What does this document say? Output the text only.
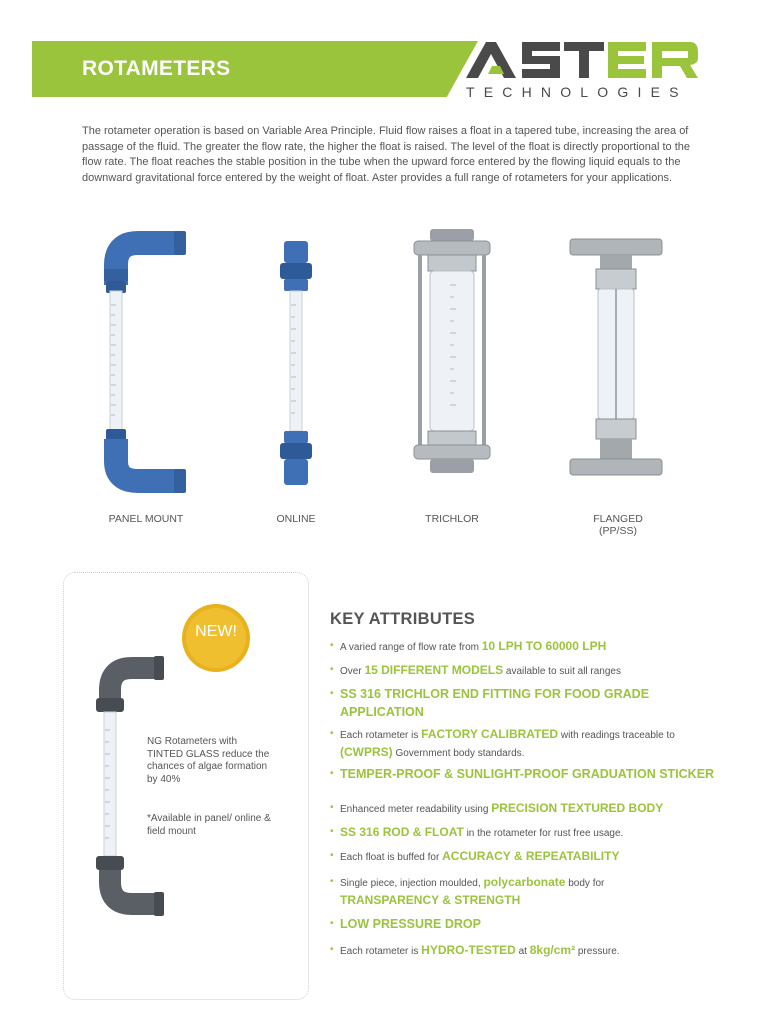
ROTAMETERS
TECHNOLOGIES

The rotameter operation is based on Variable Area Principle. Fluid flow raises a float in a tapered tube, increasing the area of passage of the fluid. The greater the flow rate, the higher the float is raised. The level of the float is directly proportional to the flow rate. The float reaches the stable position in the tube when the upward force entered by the flowing liquid equals to the downward gravitational force entered by the weight of float. Aster provides a full range of rotameters for your applications.

PANEL MOUNT	ONLINE	TRICHLOR	FLANGED
(PP/SS)
NEW!
NG Rotameters with TINTED GLASS reduce the chances of algae formation by 40%
*Available in panel/ online & field mount
KEY ATTRIBUTES
• A varied range of flow rate from 10 LPH TO 60000 LPH
• Over 15 DIFFERENT MODELS available to suit all ranges
• SS 316 TRICHLOR END FITTING FOR FOOD GRADE APPLICATION
• Each rotameter is FACTORY CALIBRATED with readings traceable to (CWPRS) Government body standards.
• TEMPER-PROOF & SUNLIGHT-PROOF GRADUATION STICKER
• Enhanced meter readability using PRECISION TEXTURED BODY
• SS 316 ROD & FLOAT in the rotameter for rust free usage.
• Each float is buffed for ACCURACY & REPEATABILITY
• Single piece, injection moulded, polycarbonate body for
TRANSPARENCY & STRENGTH
• LOW PRESSURE DROP
• Each rotameter is HYDRO-TESTED at 8kg/cm² pressure.
